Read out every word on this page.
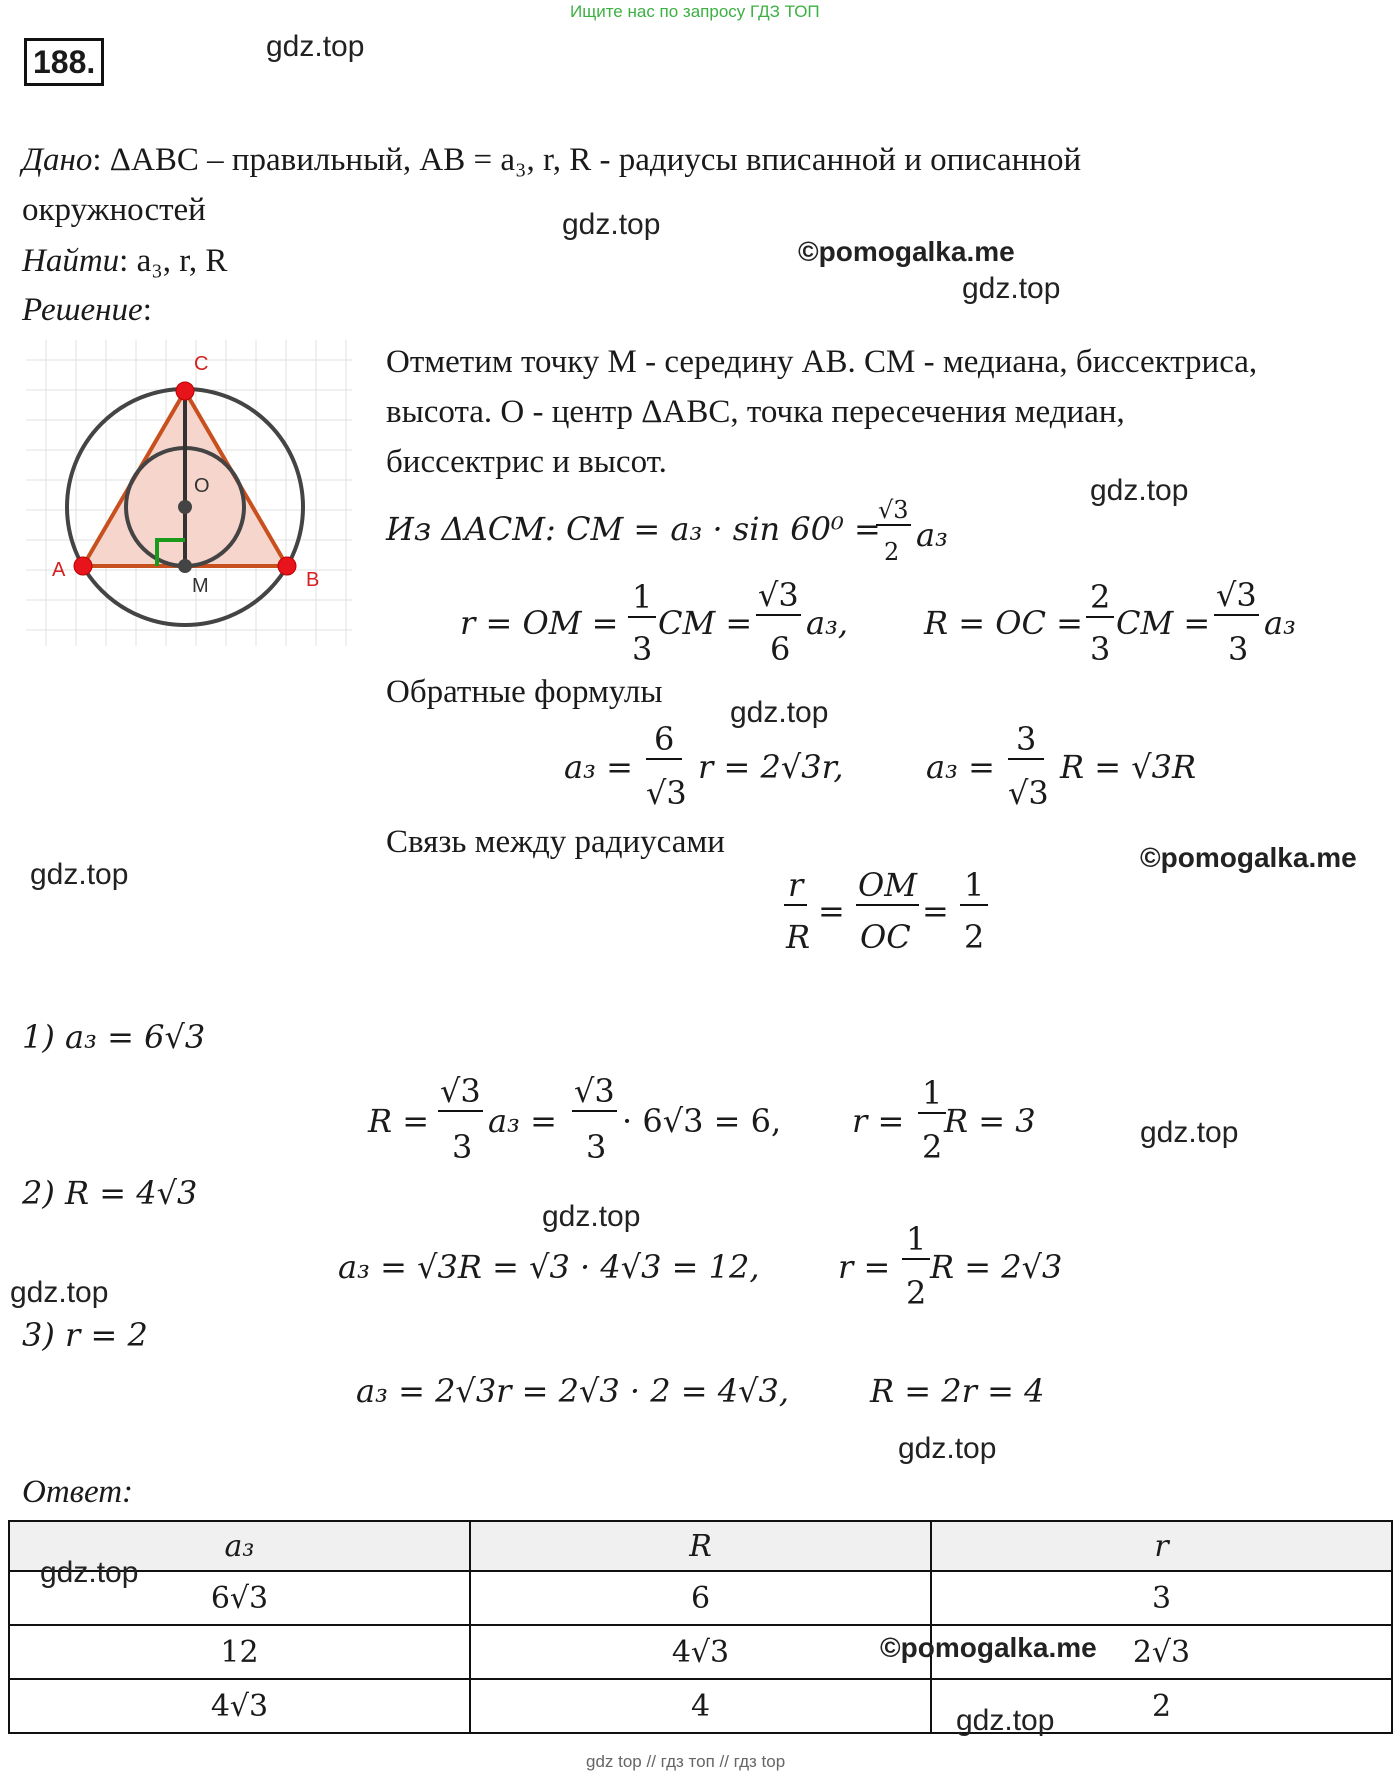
Ищите нас по запросу ГДЗ ТОП
188.	gdz.top
Дано: ΔABC – правильный, AB = a₃, r, R - радиусы вписанной и описанной
окружностей	gdz.top
©pomogalka.me
gdz.top
Найти: a₃, r, R
Решение:
C
O
A
M	B
Отметим точку M - середину AB. CM - медиана, биссектриса,
высота. O - центр ΔABC, точка пересечения медиан,
биссектрис и высот.
gdz.top
Из ΔACM: CM = a₃ · sin 60⁰ =
√3
2 a₃
r = OM =
1
3
CM =
√3
6
a₃, R = OC =
2
3
CM =
√3
3
a₃
Обратные формулы
gdz.top
a₃ =
6
√3
r = 2√3r,	a₃ =
3
√3
R = √3R
Связь между радиусами
gdz.top
©pomogalka.me
r
R
=
OM
OC
=
1
2
1) a₃ = 6√3
R =
√3
3
a₃ =
√3
3
· 6√3 = 6, r =
1
2
R = 3	gdz.top
2) R = 4√3
gdz.top
a₃ = √3R = √3 · 4√3 = 12, r =
1
2
R = 2√3
gdz.top
3) r = 2
a₃ = 2√3r = 2√3 · 2 = 4√3,	R = 2r = 4
gdz.top
Ответ:
a₃	R	r
6√3	6	3
12	4√3	2√3
4√3	4	2
gdz.top
©pomogalka.me
gdz.top
gdz top // гдз топ // гдз top
